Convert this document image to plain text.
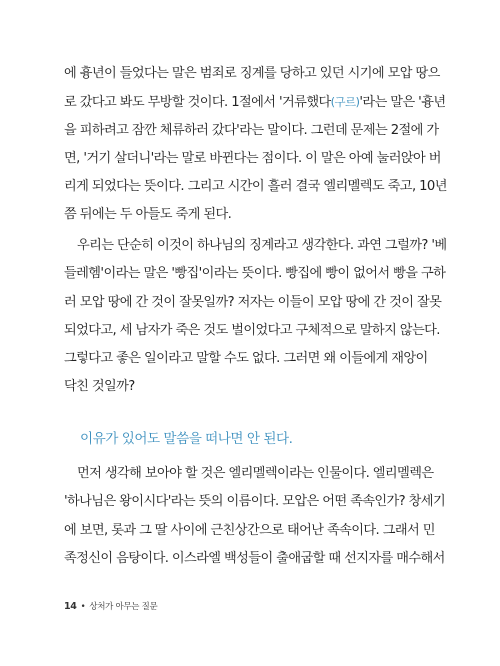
에 흉년이 들었다는 말은 범죄로 징계를 당하고 있던 시기에 모압 땅으
로 갔다고 봐도 무방할 것이다. 1절에서 '거류했다(구르)'라는 말은 '흉년
을 피하려고 잠깐 체류하러 갔다'라는 말이다. 그런데 문제는 2절에 가
면, '거기 살더니'라는 말로 바뀐다는 점이다. 이 말은 아예 눌러앉아 버
리게 되었다는 뜻이다. 그리고 시간이 흘러 결국 엘리멜렉도 죽고, 10년
쯤 뒤에는 두 아들도 죽게 된다.
우리는 단순히 이것이 하나님의 징계라고 생각한다. 과연 그럴까? '베
들레헴'이라는 말은 '빵집'이라는 뜻이다. 빵집에 빵이 없어서 빵을 구하
러 모압 땅에 간 것이 잘못일까? 저자는 이들이 모압 땅에 간 것이 잘못
되었다고, 세 남자가 죽은 것도 벌이었다고 구체적으로 말하지 않는다.
그렇다고 좋은 일이라고 말할 수도 없다. 그러면 왜 이들에게 재앙이
닥친 것일까?
이유가 있어도 말씀을 떠나면 안 된다.
먼저 생각해 보아야 할 것은 엘리멜렉이라는 인물이다. 엘리멜렉은
'하나님은 왕이시다'라는 뜻의 이름이다. 모압은 어떤 족속인가? 창세기
에 보면, 롯과 그 딸 사이에 근친상간으로 태어난 족속이다. 그래서 민
족정신이 음탕이다. 이스라엘 백성들이 출애굽할 때 선지자를 매수해서
14 • 상처가 아무는 질문
